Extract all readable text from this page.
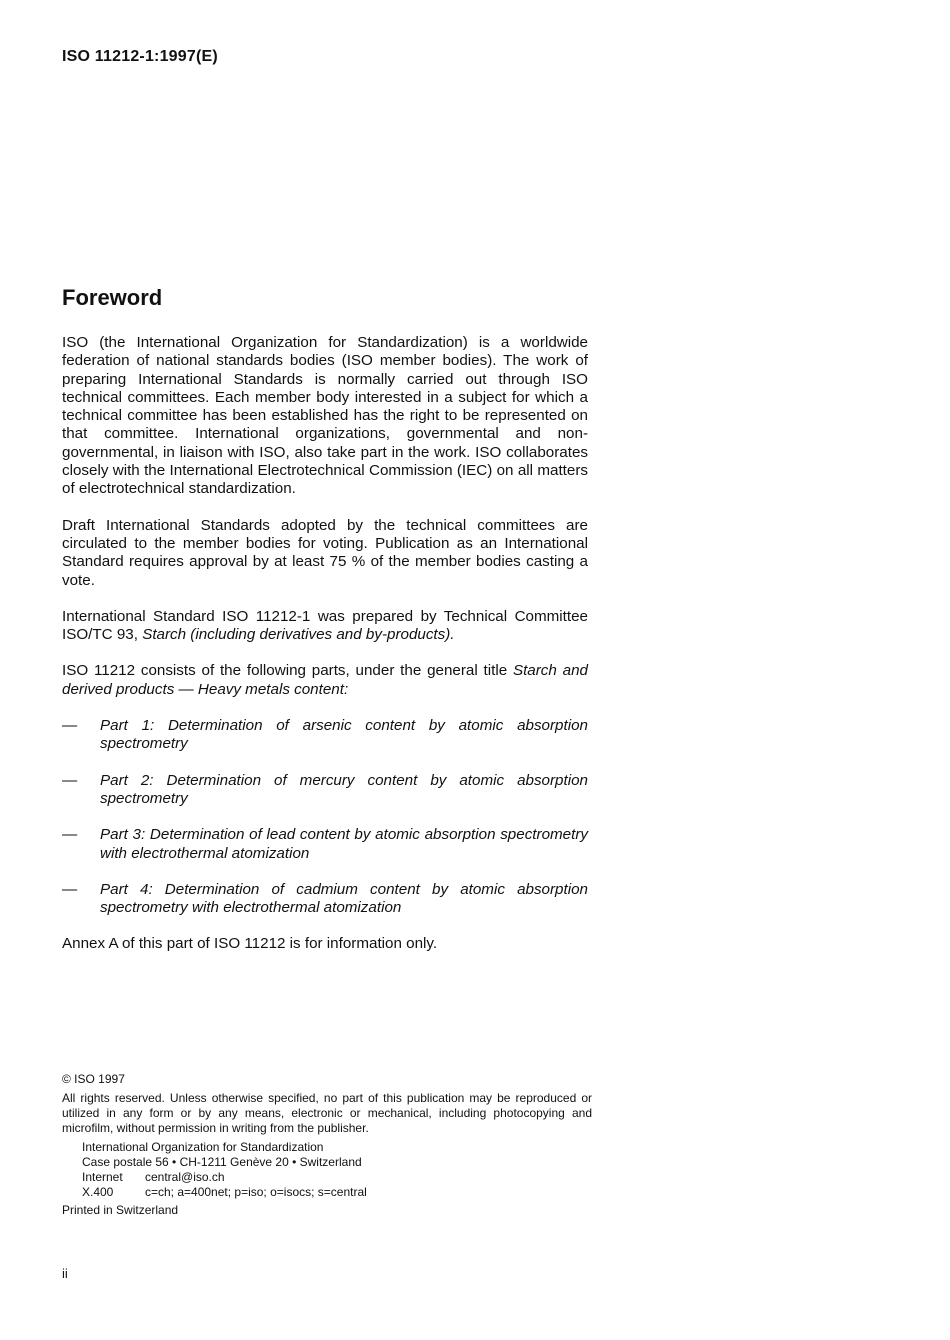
ISO 11212-1:1997(E)
Foreword

ISO (the International Organization for Standardization) is a worldwide federation of national standards bodies (ISO member bodies). The work of preparing International Standards is normally carried out through ISO technical committees. Each member body interested in a subject for which a technical committee has been established has the right to be represented on that committee. International organizations, governmental and non-governmental, in liaison with ISO, also take part in the work. ISO collaborates closely with the International Electrotechnical Commission (IEC) on all matters of electrotechnical standardization.

Draft International Standards adopted by the technical committees are circulated to the member bodies for voting. Publication as an International Standard requires approval by at least 75 % of the member bodies casting a vote.

International Standard ISO 11212-1 was prepared by Technical Committee ISO/TC 93, Starch (including derivatives and by-products).

ISO 11212 consists of the following parts, under the general title Starch and derived products — Heavy metals content:

— Part 1: Determination of arsenic content by atomic absorption spectrometry
— Part 2: Determination of mercury content by atomic absorption spectrometry
— Part 3: Determination of lead content by atomic absorption spectrometry with electrothermal atomization
— Part 4: Determination of cadmium content by atomic absorption spectrometry with electrothermal atomization

Annex A of this part of ISO 11212 is for information only.

© ISO 1997
All rights reserved. Unless otherwise specified, no part of this publication may be reproduced or utilized in any form or by any means, electronic or mechanical, including photocopying and microfilm, without permission in writing from the publisher.
International Organization for Standardization
Case postale 56 • CH-1211 Genève 20 • Switzerland
Internet	central@iso.ch
X.400	c=ch; a=400net; p=iso; o=isocs; s=central
Printed in Switzerland
ii
